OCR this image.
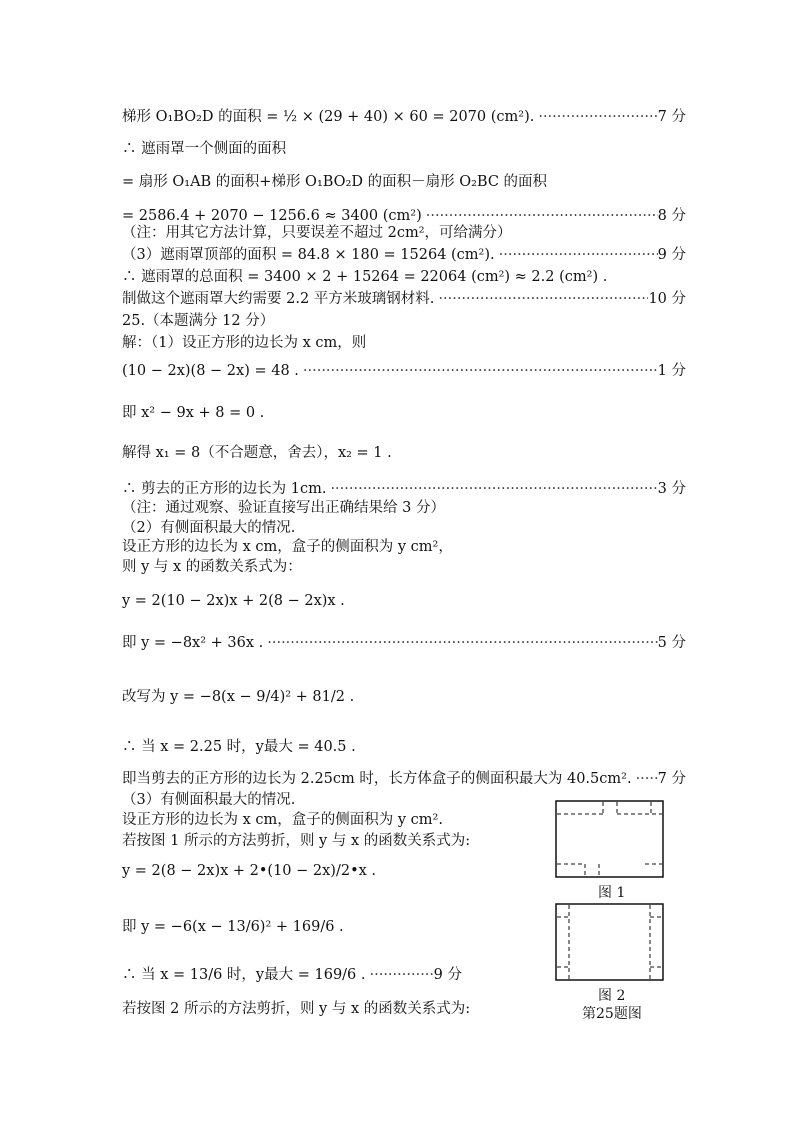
梯形 O₁BO₂D 的面积 = ½ × (29 + 40) × 60 = 2070 (cm²). ·····	7 分
∴ 遮雨罩一个侧面的面积
= 扇形 O₁AB 的面积+梯形 O₁BO₂D 的面积－扇形 O₂BC 的面积
= 2586.4 + 2070 − 1256.6 ≈ 3400 (cm²) ·····	8 分
（注：用其它方法计算，只要误差不超过 2cm²，可给满分）
（3）遮雨罩顶部的面积 = 84.8 × 180 = 15264 (cm²). ·····	9 分
∴ 遮雨罩的总面积 = 3400 × 2 + 15264 = 22064 (cm²) ≈ 2.2 (cm²) .
制做这个遮雨罩大约需要 2.2 平方米玻璃钢材料. ·····	10 分
25.（本题满分 12 分）
解：（1）设正方形的边长为 x cm，则
(10 − 2x)(8 − 2x) = 48 . ·····	1 分
即 x² − 9x + 8 = 0 .
解得 x₁ = 8（不合题意，舍去），x₂ = 1 .
∴ 剪去的正方形的边长为 1cm. ·····	3 分
（注：通过观察、验证直接写出正确结果给 3 分）
（2）有侧面积最大的情况.
设正方形的边长为 x cm，盒子的侧面积为 y cm²，
则 y 与 x 的函数关系式为：
y = 2(10 − 2x)x + 2(8 − 2x)x .
即 y = −8x² + 36x . ·····	5 分
改写为 y = −8(x − 9/4)² + 81/2 .
∴ 当 x = 2.25 时，y最大 = 40.5 .
即当剪去的正方形的边长为 2.25cm 时，长方体盒子的侧面积最大为 40.5cm². ····· 7 分
（3）有侧面积最大的情况.
设正方形的边长为 x cm，盒子的侧面积为 y cm².
若按图 1 所示的方法剪折，则 y 与 x 的函数关系式为:
y = 2(8 − 2x)x + 2•(10 − 2x)/2•x .
即 y = −6(x − 13/6)² + 169/6 .
∴ 当 x = 13/6 时，y最大 = 169/6 . ·····	9 分
若按图 2 所示的方法剪折，则 y 与 x 的函数关系式为:
图 1
图 2
第25题图
